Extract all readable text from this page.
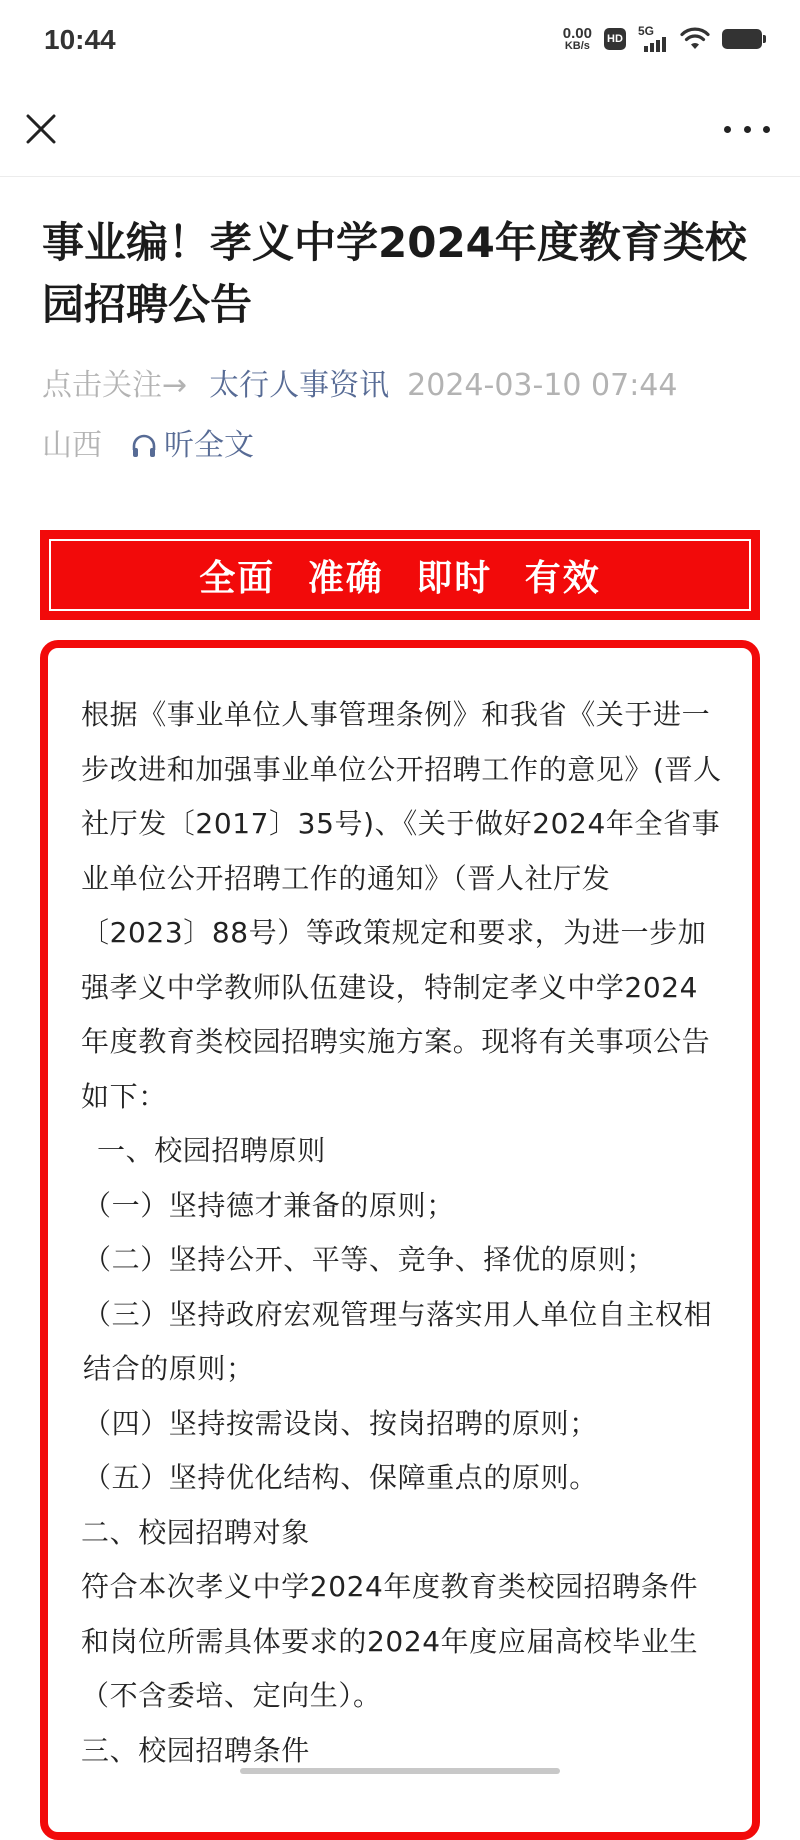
10:44	0.00
KB/s
HD
5G
事业编！孝义中学2024年度教育类校园招聘公告
点击关注→ 太行人事资讯 2024-03-10 07:44
山西 听全文
全面 准确 即时 有效

根据《事业单位人事管理条例》和我省《关于进一步改进和加强事业单位公开招聘工作的意见》(晋人社厅发〔2017〕35号)、《关于做好2024年全省事业单位公开招聘工作的通知》（晋人社厅发〔2023〕88号）等政策规定和要求，为进一步加强孝义中学教师队伍建设，特制定孝义中学2024年度教育类校园招聘实施方案。现将有关事项公告如下：

一、校园招聘原则

（一）坚持德才兼备的原则；

（二）坚持公开、平等、竞争、择优的原则；

（三）坚持政府宏观管理与落实用人单位自主权相结合的原则；

（四）坚持按需设岗、按岗招聘的原则；

（五）坚持优化结构、保障重点的原则。

二、校园招聘对象

符合本次孝义中学2024年度教育类校园招聘条件和岗位所需具体要求的2024年度应届高校毕业生（不含委培、定向生）。

三、校园招聘条件
